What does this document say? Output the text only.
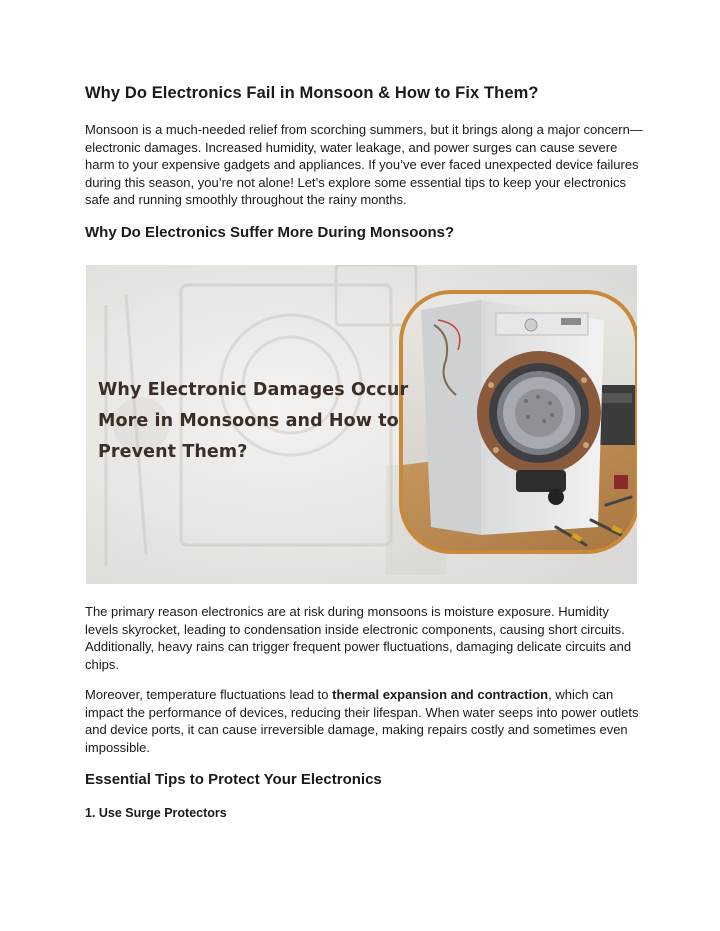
Why Do Electronics Fail in Monsoon & How to Fix Them?

Monsoon is a much-needed relief from scorching summers, but it brings along a major concern—electronic damages. Increased humidity, water leakage, and power surges can cause severe harm to your expensive gadgets and appliances. If you’ve ever faced unexpected device failures during this season, you’re not alone! Let’s explore some essential tips to keep your electronics safe and running smoothly throughout the rainy months.

Why Do Electronics Suffer More During Monsoons?
Why Electronic Damages Occur
More in Monsoons and How to
Prevent Them?

The primary reason electronics are at risk during monsoons is moisture exposure. Humidity levels skyrocket, leading to condensation inside electronic components, causing short circuits. Additionally, heavy rains can trigger frequent power fluctuations, damaging delicate circuits and chips.

Moreover, temperature fluctuations lead to thermal expansion and contraction, which can impact the performance of devices, reducing their lifespan. When water seeps into power outlets and device ports, it can cause irreversible damage, making repairs costly and sometimes even impossible.

Essential Tips to Protect Your Electronics
1. Use Surge Protectors
